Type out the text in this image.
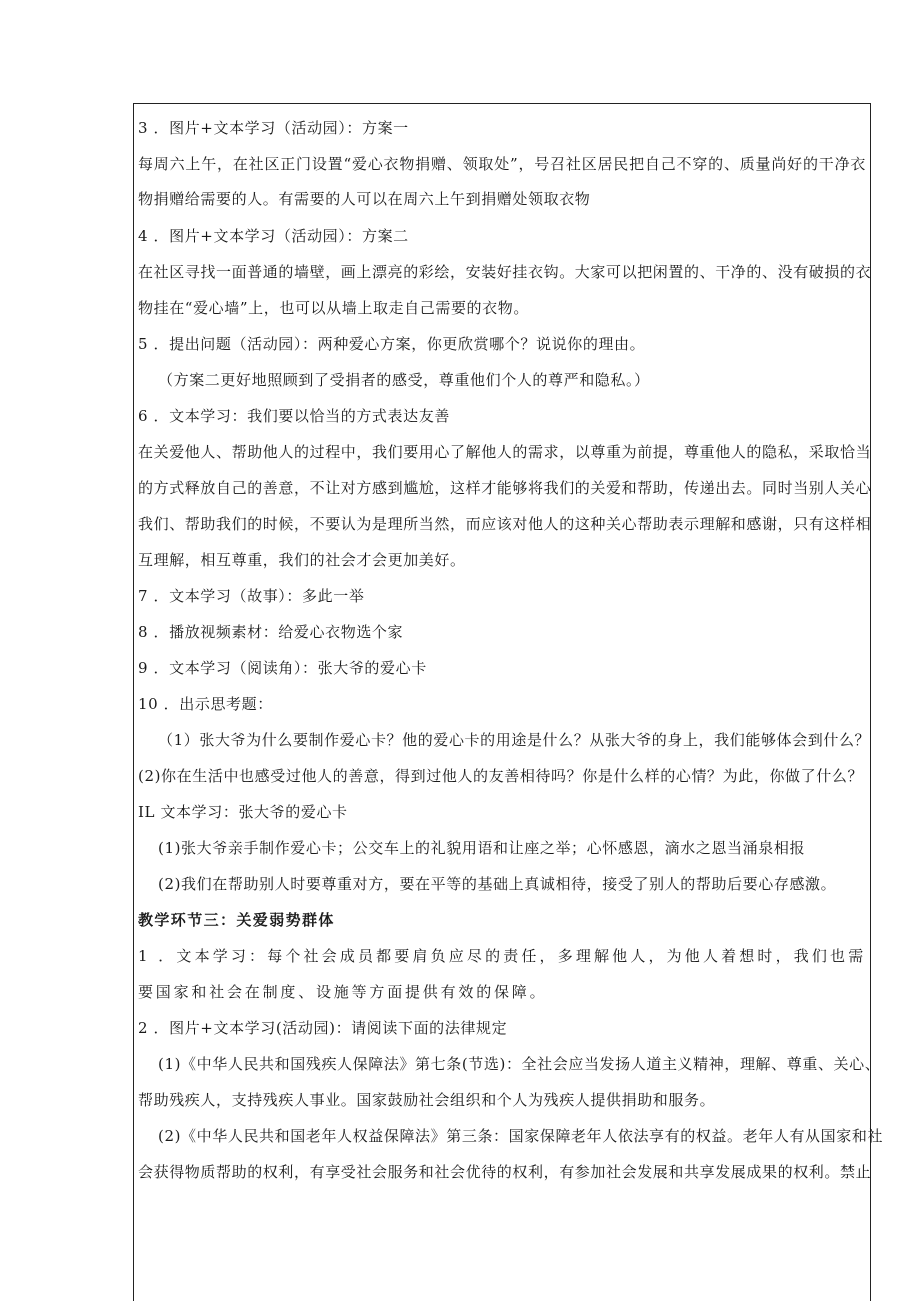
3 ．图片+文本学习（活动园）：方案一
每周六上午，在社区正门设置“爱心衣物捐赠、领取处”，号召社区居民把自己不穿的、质量尚好的干净衣
物捐赠给需要的人。有需要的人可以在周六上午到捐赠处领取衣物
4 ．图片+文本学习（活动园）：方案二
在社区寻找一面普通的墙壁，画上漂亮的彩绘，安装好挂衣钩。大家可以把闲置的、干净的、没有破损的衣
物挂在“爱心墙”上，也可以从墙上取走自己需要的衣物。
5 ．提出问题（活动园）：两种爱心方案，你更欣赏哪个？说说你的理由。
（方案二更好地照顾到了受捐者的感受，尊重他们个人的尊严和隐私。）
6 ．文本学习：我们要以恰当的方式表达友善
在关爱他人、帮助他人的过程中，我们要用心了解他人的需求，以尊重为前提，尊重他人的隐私，采取恰当
的方式释放自己的善意，不让对方感到尴尬，这样才能够将我们的关爱和帮助，传递出去。同时当别人关心
我们、帮助我们的时候，不要认为是理所当然，而应该对他人的这种关心帮助表示理解和感谢，只有这样相
互理解，相互尊重，我们的社会才会更加美好。
7 ．文本学习（故事）：多此一举
8 ．播放视频素材：给爱心衣物选个家
9 ．文本学习（阅读角）：张大爷的爱心卡
10 ．出示思考题：
（1）张大爷为什么要制作爱心卡？他的爱心卡的用途是什么？从张大爷的身上，我们能够体会到什么？
(2)你在生活中也感受过他人的善意，得到过他人的友善相待吗？你是什么样的心情？为此，你做了什么？
IL 文本学习：张大爷的爱心卡
(1)张大爷亲手制作爱心卡；公交车上的礼貌用语和让座之举；心怀感恩，滴水之恩当涌泉相报
(2)我们在帮助别人时要尊重对方，要在平等的基础上真诚相待，接受了别人的帮助后要心存感激。
教学环节三：关爱弱势群体
1 ．文本学习：每个社会成员都要肩负应尽的责任，多理解他人，为他人着想时，我们也需
要国家和社会在制度、设施等方面提供有效的保障。
2 ．图片+文本学习(活动园)：请阅读下面的法律规定
(1)《中华人民共和国残疾人保障法》第七条(节选)：全社会应当发扬人道主义精神，理解、尊重、关心、
帮助残疾人，支持残疾人事业。国家鼓励社会组织和个人为残疾人提供捐助和服务。
(2)《中华人民共和国老年人权益保障法》第三条：国家保障老年人依法享有的权益。老年人有从国家和社
会获得物质帮助的权利，有享受社会服务和社会优待的权利，有参加社会发展和共享发展成果的权利。禁止
